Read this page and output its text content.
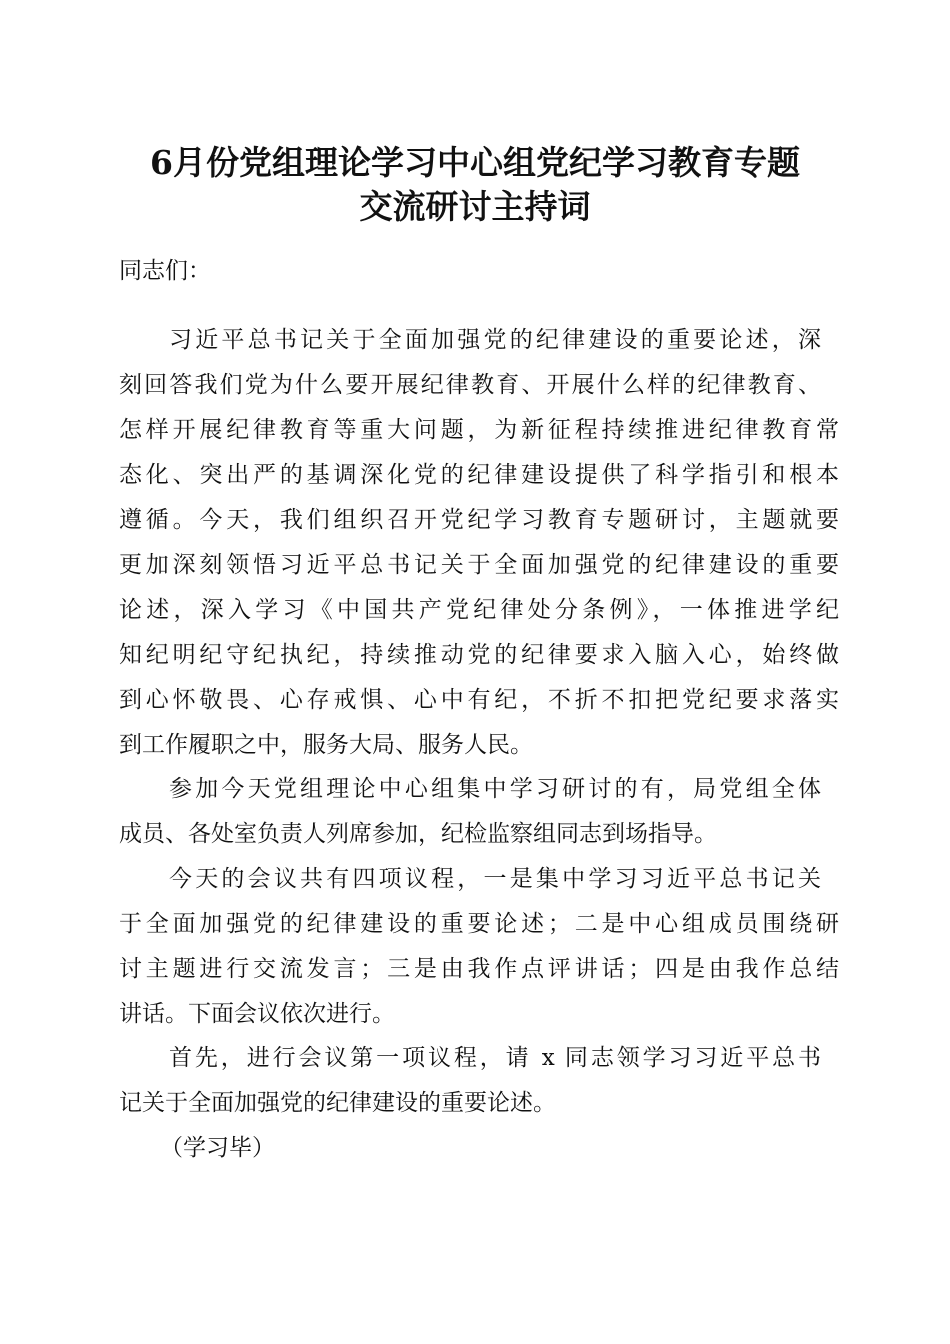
6月份党组理论学习中心组党纪学习教育专题
交流研讨主持词
同志们：
习近平总书记关于全面加强党的纪律建设的重要论述，深
刻回答我们党为什么要开展纪律教育、开展什么样的纪律教育、
怎样开展纪律教育等重大问题，为新征程持续推进纪律教育常
态化、突出严的基调深化党的纪律建设提供了科学指引和根本
遵循。今天，我们组织召开党纪学习教育专题研讨，主题就要
更加深刻领悟习近平总书记关于全面加强党的纪律建设的重要
论述，深入学习《中国共产党纪律处分条例》，一体推进学纪
知纪明纪守纪执纪，持续推动党的纪律要求入脑入心，始终做
到心怀敬畏、心存戒惧、心中有纪，不折不扣把党纪要求落实
到工作履职之中，服务大局、服务人民。
参加今天党组理论中心组集中学习研讨的有，局党组全体
成员、各处室负责人列席参加，纪检监察组同志到场指导。
今天的会议共有四项议程，一是集中学习习近平总书记关
于全面加强党的纪律建设的重要论述；二是中心组成员围绕研
讨主题进行交流发言；三是由我作点评讲话；四是由我作总结
讲话。下面会议依次进行。
首先，进行会议第一项议程，请 x 同志领学习习近平总书
记关于全面加强党的纪律建设的重要论述。
（学习毕）
